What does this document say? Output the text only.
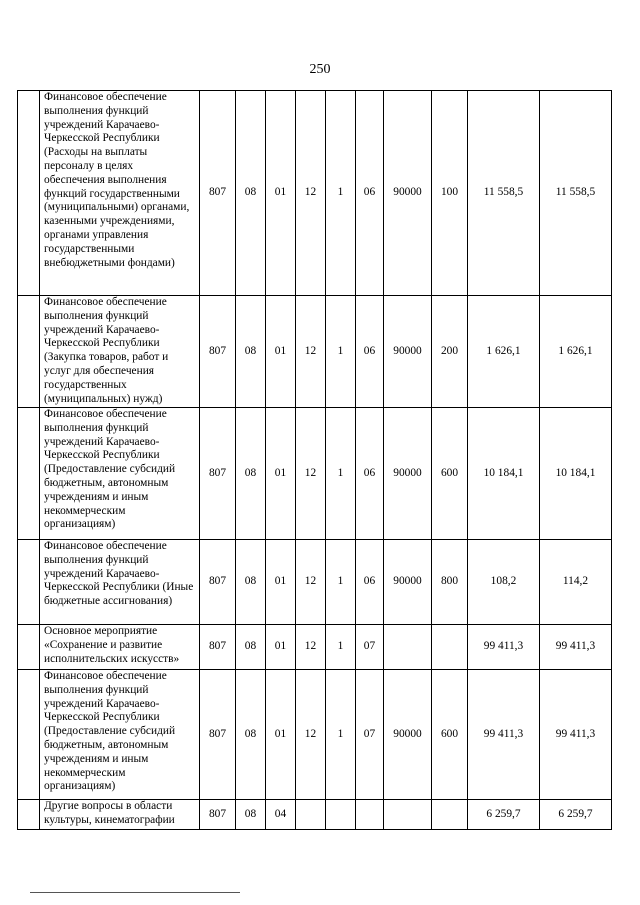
250
	Финансовое обеспечение выполнения функций учреждений Карачаево-Черкесской Республики (Расходы на выплаты персоналу в целях обеспечения выполнения функций государственными (муниципальными) органами, казенными учреждениями, органами управления государственными внебюджетными фондами)	807	08	01	12	1	06	90000	100	11 558,5	11 558,5
	Финансовое обеспечение выполнения функций учреждений Карачаево-Черкесской Республики (Закупка товаров, работ и услуг для обеспечения государственных (муниципальных) нужд)	807	08	01	12	1	06	90000	200	1 626,1	1 626,1
	Финансовое обеспечение выполнения функций учреждений Карачаево-Черкесской Республики (Предоставление субсидий бюджетным, автономным учреждениям и иным некоммерческим организациям)	807	08	01	12	1	06	90000	600	10 184,1	10 184,1
	Финансовое обеспечение выполнения функций учреждений Карачаево-Черкесской Республики (Иные бюджетные ассигнования)	807	08	01	12	1	06	90000	800	108,2	114,2
	Основное мероприятие «Сохранение и развитие исполнительских искусств»	807	08	01	12	1	07			99 411,3	99 411,3
	Финансовое обеспечение выполнения функций учреждений Карачаево-Черкесской Республики (Предоставление субсидий бюджетным, автономным учреждениям и иным некоммерческим организациям)	807	08	01	12	1	07	90000	600	99 411,3	99 411,3
	Другие вопросы в области культуры, кинематографии	807	08	04						6 259,7	6 259,7
